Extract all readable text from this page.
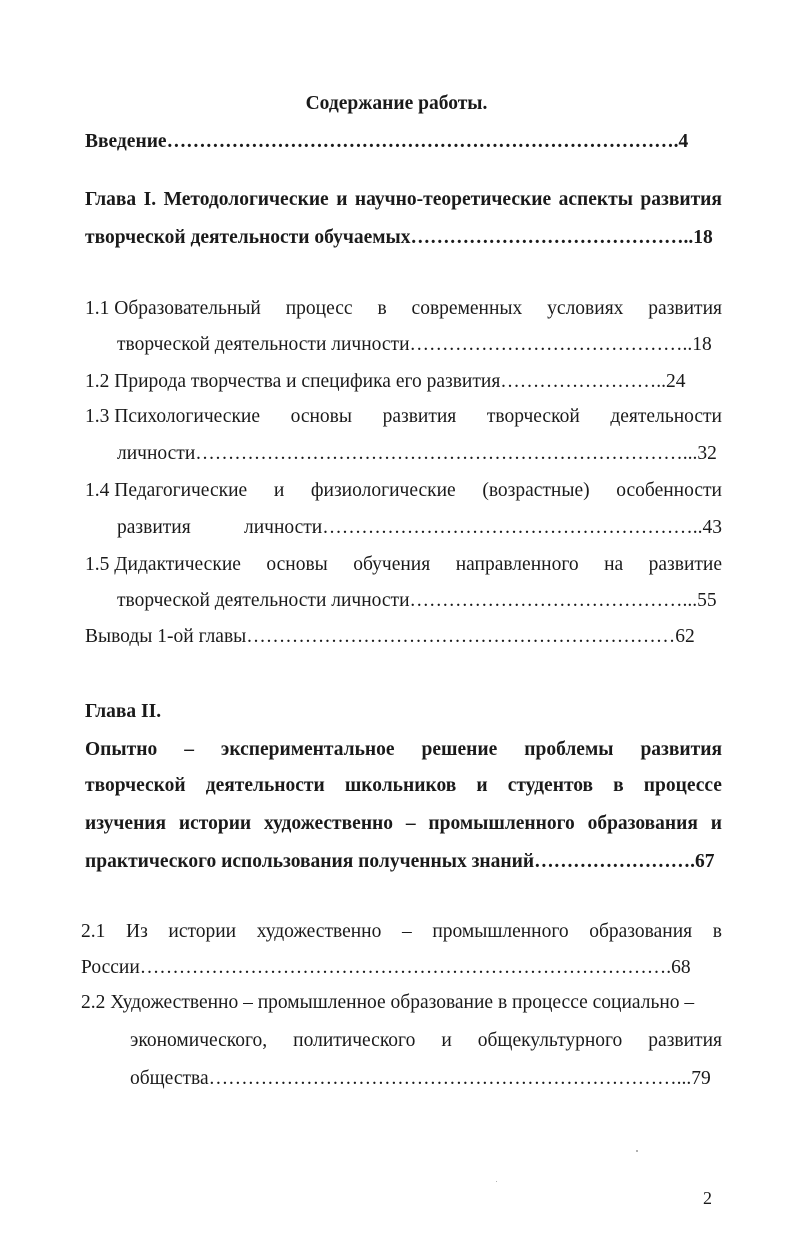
Содержание работы.
Введение…………………………………………………………………….4
Глава I. Методологические и научно-теоретические аспекты развития
творческой деятельности обучаемых……………………………………..18
1.1 Образовательный процесс в современных условиях развития
творческой деятельности личности……………………………………..18
1.2 Природа творчества и специфика его развития……………………..24
1.3 Психологические основы развития творческой деятельности
личности…………………………………………………………………...32
1.4 Педагогические и физиологические (возрастные) особенности
развития	личности…………………………………………………..43
1.5 Дидактические основы обучения направленного на развитие
творческой деятельности личности……………………………………...55
Выводы 1-ой главы…………………………………………………………62
Глава II.
Опытно – экспериментальное решение проблемы развития
творческой деятельности школьников и студентов в процессе
изучения истории художественно – промышленного образования и
практического использования полученных знаний…………………….67
2.1 Из истории художественно – промышленного образования в
России……………………………………………………………………….68
2.2 Художественно – промышленное образование в процессе социально –
экономического, политического и общекультурного развития
общества………………………………………………………………...79
2
